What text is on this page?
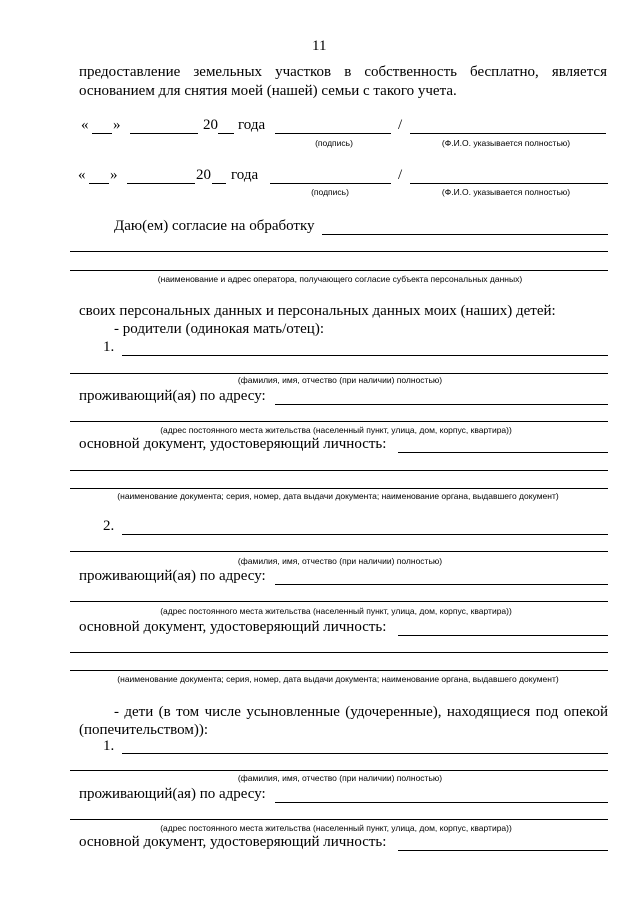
11
предоставление земельных участков в собственность бесплатно, является
основанием для снятия моей (нашей) семьи с такого учета.
« »	20 года	/
(подпись)	(Ф.И.О. указывается полностью)
« »	20 года	/
(подпись)	(Ф.И.О. указывается полностью)
Даю(ем) согласие на обработку
(наименование и адрес оператора, получающего согласие субъекта персональных данных)
своих персональных данных и персональных данных моих (наших) детей:
- родители (одинокая мать/отец):
1.
(фамилия, имя, отчество (при наличии) полностью)
проживающий(ая) по адресу:
(адрес постоянного места жительства (населенный пункт, улица, дом, корпус, квартира))
основной документ, удостоверяющий личность:
(наименование документа; серия, номер, дата выдачи документа; наименование органа, выдавшего документ)
2.
(фамилия, имя, отчество (при наличии) полностью)
проживающий(ая) по адресу:
(адрес постоянного места жительства (населенный пункт, улица, дом, корпус, квартира))
основной документ, удостоверяющий личность:
(наименование документа; серия, номер, дата выдачи документа; наименование органа, выдавшего документ)
- дети (в том числе усыновленные (удочеренные), находящиеся под опекой
(попечительством)):
1.
(фамилия, имя, отчество (при наличии) полностью)
проживающий(ая) по адресу:
(адрес постоянного места жительства (населенный пункт, улица, дом, корпус, квартира))
основной документ, удостоверяющий личность:
